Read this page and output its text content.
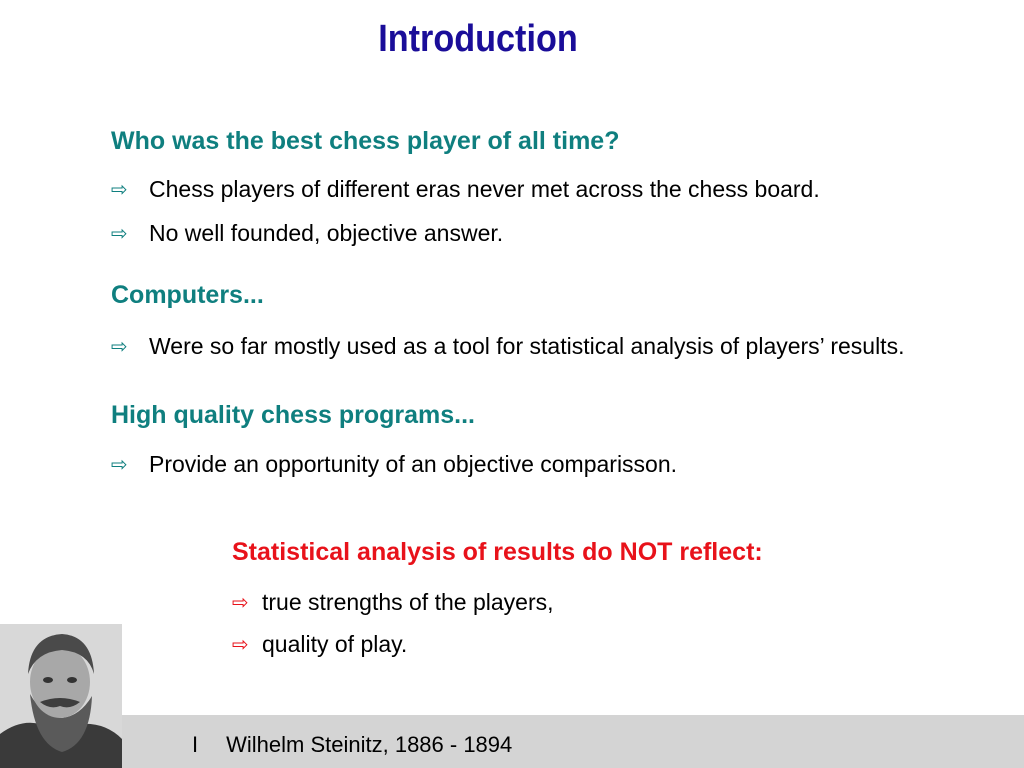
Introduction
Who was the best chess player of all time?
⇨ Chess players of different eras never met across the chess board.
⇨ No well founded, objective answer.
Computers...
⇨ Were so far mostly used as a tool for statistical analysis of players’ results.
High quality chess programs...
⇨ Provide an opportunity of an objective comparisson.
Statistical analysis of results do NOT reflect:
⇨ true strengths of the players,
⇨ quality of play.
I Wilhelm Steinitz, 1886 - 1894
